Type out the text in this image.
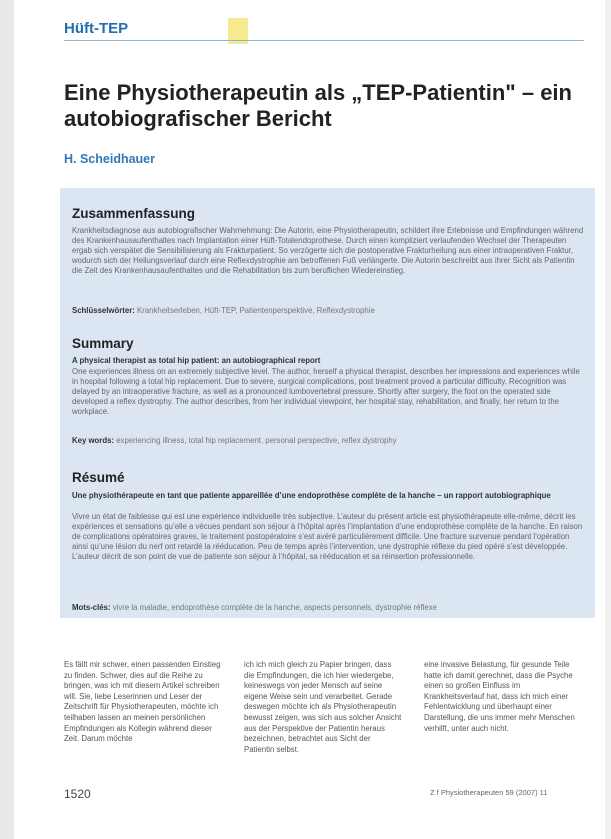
Hüft-TEP
Eine Physiotherapeutin als „TEP-Patientin" – ein autobiografischer Bericht
H. Scheidhauer
Zusammenfassung
Krankheitsdiagnose aus autobiografischer Wahrnehmung: Die Autorin, eine Physiotherapeutin, schildert ihre Erlebnisse und Empfindungen während des Krankenhausaufenthaltes nach Implantation einer Hüft-Totalendoprothese. Durch einen kompliziert verlaufenden Wechsel der Therapeuten ergab sich verspätet die Sensibilisierung als Frakturpatient. So verzögerte sich die postoperative Frakturheilung aus einer intraoperativen Fraktur, wodurch sich der Heilungsverlauf durch eine Reflexdystrophie am betroffenen Fuß verlängerte. Die Autorin beschreibt aus ihrer Sicht als Patientin die Zeit des Krankenhausaufenthaltes und die Rehabilitation bis zum beruflichen Wiedereinstieg.
Schlüsselwörter: Krankheitserleben, Hüft-TEP, Patientenperspektive, Reflexdystrophie
Summary
A physical therapist as total hip patient: an autobiographical report
One experiences illness on an extremely subjective level. The author, herself a physical therapist, describes her impressions and experiences while in hospital following a total hip replacement. Due to severe, surgical complications, post treatment proved a particular difficulty. Recognition was delayed by an intraoperative fracture, as well as a pronounced lumbovertebral pressure. Shortly after surgery, the foot on the operated side developed a reflex dystrophy. The author describes, from her individual viewpoint, her hospital stay, rehabilitation, and finally, her return to the workplace.
Key words: experiencing illness, total hip replacement, personal perspective, reflex dystrophy
Résumé
Une physiothérapeute en tant que patiente appareillée d’une endoprothèse complète de la hanche – un rapport autobiographique
Vivre un état de faiblesse qui est une expérience individuelle très subjective. L’auteur du présent article est physiothérapeute elle-même, décrit les expériences et sensations qu’elle a vécues pendant son séjour à l’hôpital après l’implantation d’une endoprothèse complète de la hanche. En raison de complications opératoires graves, le traitement postopératoire s’est avéré particulièrement difficile. Une fracture survenue pendant l’opération ainsi qu’une lésion du nerf ont retardé la rééducation. Peu de temps après l’intervention, une dystrophie réflexe du pied opéré s’est développée. L’auteur décrit de son point de vue de patiente son séjour à l’hôpital, sa rééducation et sa réinsertion professionnelle.
Mots-clés: vivre la maladie, endoprothèse complète de la hanche, aspects personnels, dystrophie réflexe
Es fällt mir schwer, einen passenden Einstieg zu finden. Schwer, dies auf die Reihe zu bringen, was ich mit diesem Artikel schreiben will. Sie, liebe Leserinnen und Leser der Zeitschrift für Physiotherapeuten, möchte ich teilhaben lassen an meinen persönlichen Empfindungen als Kollegin während dieser Zeit. Darum möchte
ich ich mich gleich zu Papier bringen, dass die Empfindungen, die ich hier wiedergebe, keineswegs von jeder Mensch auf seine eigene Weise sein und verarbeitet. Gerade deswegen möchte ich als Physiotherapeutin bewusst zeigen, was sich aus solcher Ansicht aus der Perspektive der Patientin heraus bezeichnen, betrachtet aus Sicht der Patientin selbst.
eine invasive Belastung, für gesunde Teile hatte ich damit gerechnet, dass die Psyche einen so großen Einfluss im Krankheitsverlauf hat, dass ich mich einer Fehlentwicklung und überhaupt einer Darstellung, die uns immer mehr Menschen verhilft, unter auch nicht.
1520	Z f Physiotherapeuten 59 (2007) 11
